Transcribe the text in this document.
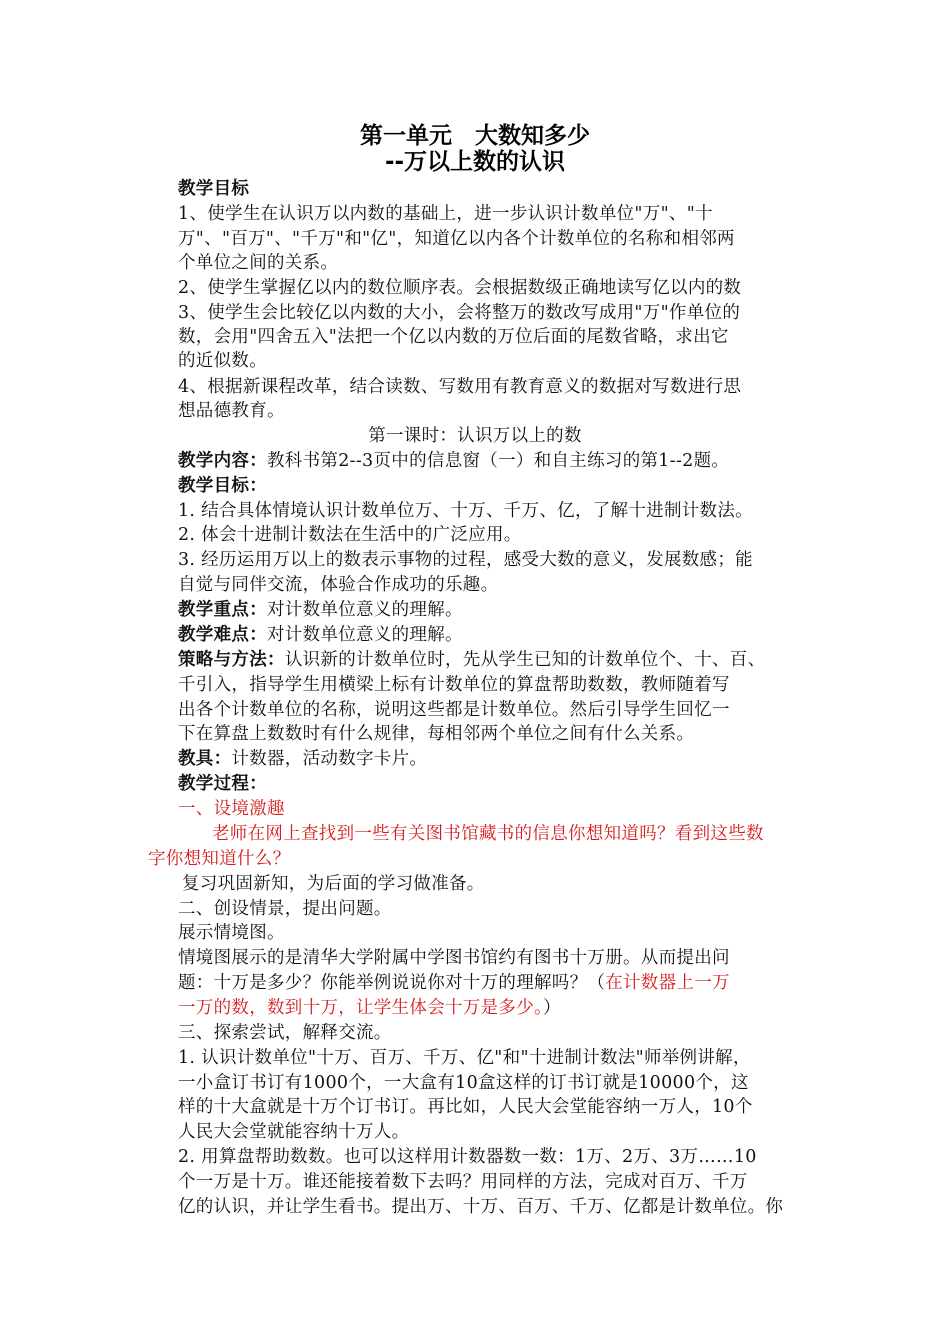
第一单元　大数知多少
--万以上数的认识
教学目标
1、使学生在认识万以内数的基础上，进一步认识计数单位"万"、"十
万"、"百万"、"千万"和"亿"，知道亿以内各个计数单位的名称和相邻两
个单位之间的关系。
2、使学生掌握亿以内的数位顺序表。会根据数级正确地读写亿以内的数
3、使学生会比较亿以内数的大小，会将整万的数改写成用"万"作单位的
数，会用"四舍五入"法把一个亿以内数的万位后面的尾数省略，求出它
的近似数。
4、根据新课程改革，结合读数、写数用有教育意义的数据对写数进行思
想品德教育。
第一课时：认识万以上的数
教学内容：教科书第2--3页中的信息窗（一）和自主练习的第1--2题。
教学目标：
1. 结合具体情境认识计数单位万、十万、千万、亿，了解十进制计数法。
2. 体会十进制计数法在生活中的广泛应用。
3. 经历运用万以上的数表示事物的过程，感受大数的意义，发展数感；能
自觉与同伴交流，体验合作成功的乐趣。
教学重点：对计数单位意义的理解。
教学难点：对计数单位意义的理解。
策略与方法：认识新的计数单位时，先从学生已知的计数单位个、十、百、
千引入，指导学生用横梁上标有计数单位的算盘帮助数数，教师随着写
出各个计数单位的名称，说明这些都是计数单位。然后引导学生回忆一
下在算盘上数数时有什么规律，每相邻两个单位之间有什么关系。
教具：计数器，活动数字卡片。
教学过程：
一、设境激趣
老师在网上查找到一些有关图书馆藏书的信息你想知道吗？看到这些数
字你想知道什么？
复习巩固新知，为后面的学习做准备。
二、创设情景，提出问题。
展示情境图。
情境图展示的是清华大学附属中学图书馆约有图书十万册。从而提出问
题：十万是多少？你能举例说说你对十万的理解吗？（在计数器上一万
一万的数，数到十万，让学生体会十万是多少。）
三、探索尝试，解释交流。
1. 认识计数单位"十万、百万、千万、亿"和"十进制计数法"师举例讲解，
一小盒订书订有1000个，一大盒有10盒这样的订书订就是10000个，这
样的十大盒就是十万个订书订。再比如，人民大会堂能容纳一万人，10个
人民大会堂就能容纳十万人。
2. 用算盘帮助数数。也可以这样用计数器数一数：1万、2万、3万……10
个一万是十万。谁还能接着数下去吗？用同样的方法，完成对百万、千万
亿的认识，并让学生看书。提出万、十万、百万、千万、亿都是计数单位。你
